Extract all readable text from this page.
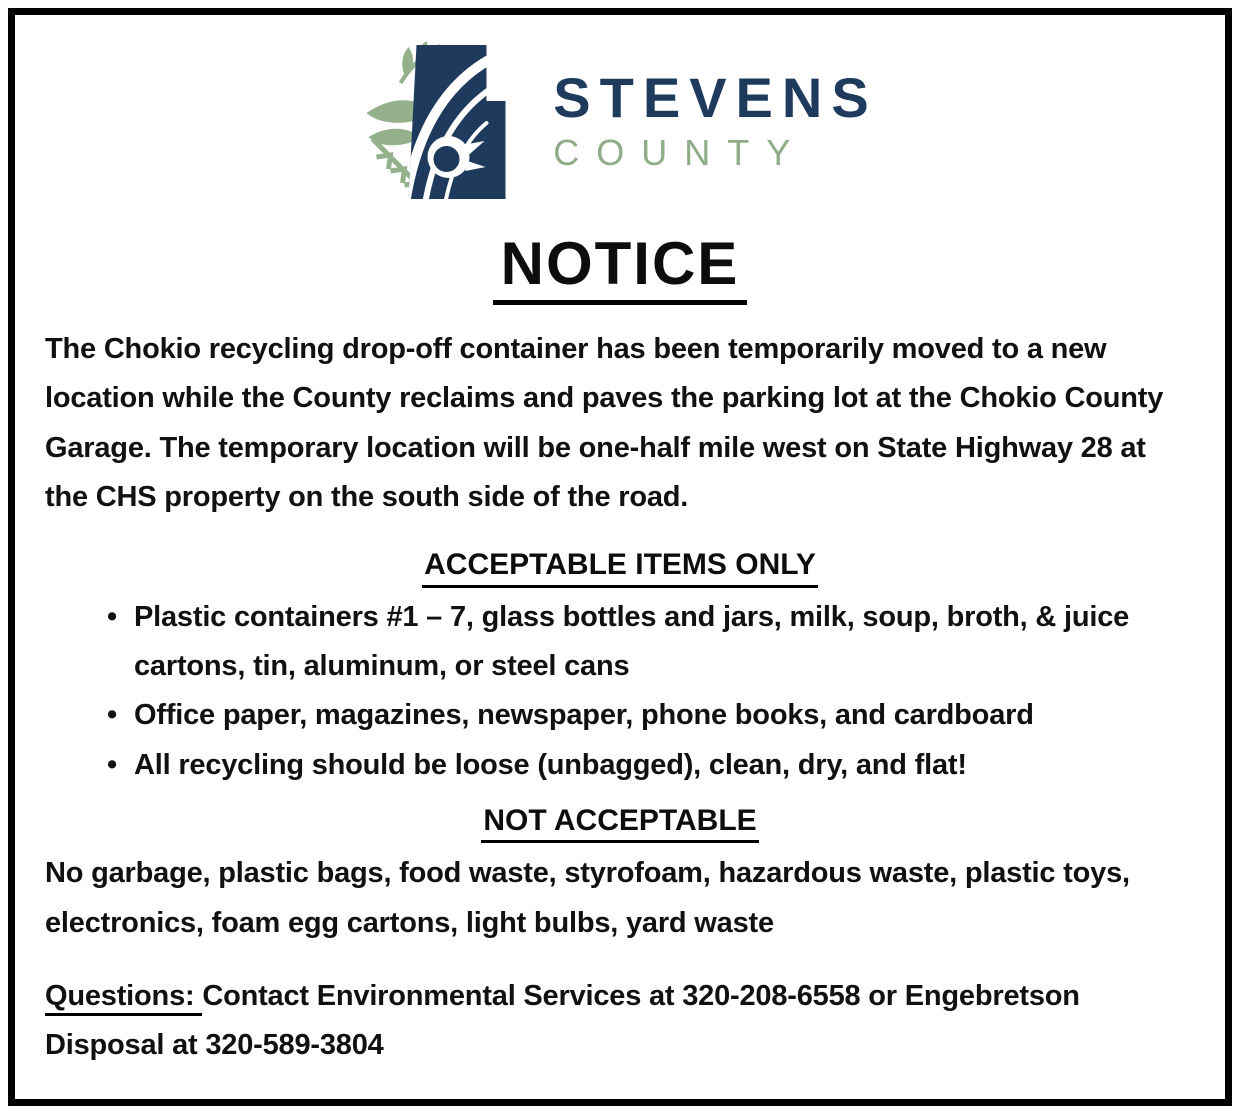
STEVENS
COUNTY
NOTICE

The Chokio recycling drop-off container has been temporarily moved to a new location while the County reclaims and paves the parking lot at the Chokio County Garage. The temporary location will be one-half mile west on State Highway 28 at the CHS property on the south side of the road.

ACCEPTABLE ITEMS ONLY
• Plastic containers #1 – 7, glass bottles and jars, milk, soup, broth, & juice cartons, tin, aluminum, or steel cans
• Office paper, magazines, newspaper, phone books, and cardboard
• All recycling should be loose (unbagged), clean, dry, and flat!
NOT ACCEPTABLE

No garbage, plastic bags, food waste, styrofoam, hazardous waste, plastic toys, electronics, foam egg cartons, light bulbs, yard waste

Questions: Contact Environmental Services at 320-208-6558 or Engebretson Disposal at 320-589-3804
